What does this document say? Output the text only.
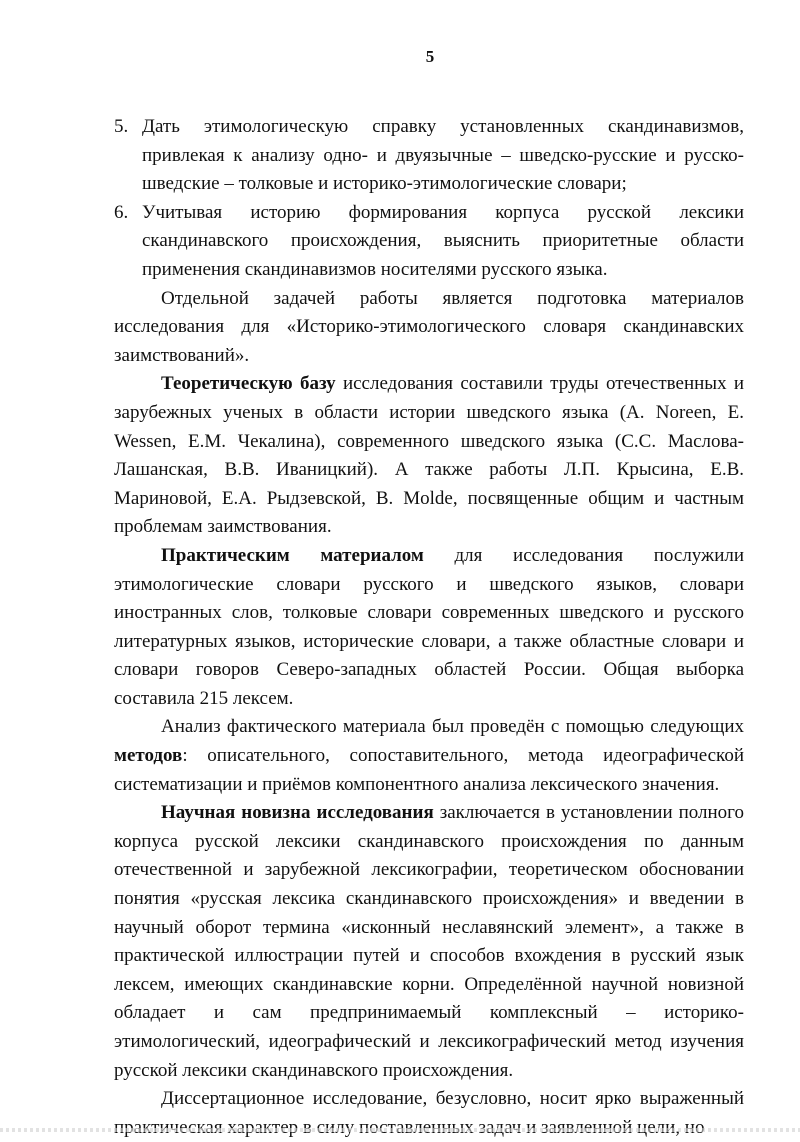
5
5. Дать этимологическую справку установленных скандинавизмов, привлекая к анализу одно- и двуязычные – шведско-русские и русско-шведские – толковые и историко-этимологические словари;
6. Учитывая историю формирования корпуса русской лексики скандинавского происхождения, выяснить приоритетные области применения скандинавизмов носителями русского языка.

Отдельной задачей работы является подготовка материалов исследования для «Историко-этимологического словаря скандинавских заимствований».

Теоретическую базу исследования составили труды отечественных и зарубежных ученых в области истории шведского языка (A. Noreen, E. Wessen, Е.М. Чекалина), современного шведского языка (С.С. Маслова-Лашанская, В.В. Иваницкий). А также работы Л.П. Крысина, Е.В. Мариновой, Е.А. Рыдзевской, B. Molde, посвященные общим и частным проблемам заимствования.

Практическим материалом для исследования послужили этимологические словари русского и шведского языков, словари иностранных слов, толковые словари современных шведского и русского литературных языков, исторические словари, а также областные словари и словари говоров Северо-западных областей России. Общая выборка составила 215 лексем.

Анализ фактического материала был проведён с помощью следующих методов: описательного, сопоставительного, метода идеографической систематизации и приёмов компонентного анализа лексического значения.

Научная новизна исследования заключается в установлении полного корпуса русской лексики скандинавского происхождения по данным отечественной и зарубежной лексикографии, теоретическом обосновании понятия «русская лексика скандинавского происхождения» и введении в научный оборот термина «исконный неславянский элемент», а также в практической иллюстрации путей и способов вхождения в русский язык лексем, имеющих скандинавские корни. Определённой научной новизной обладает и сам предпринимаемый комплексный – историко-этимологический, идеографический и лексикографический метод изучения русской лексики скандинавского происхождения.

Диссертационное исследование, безусловно, носит ярко выраженный
